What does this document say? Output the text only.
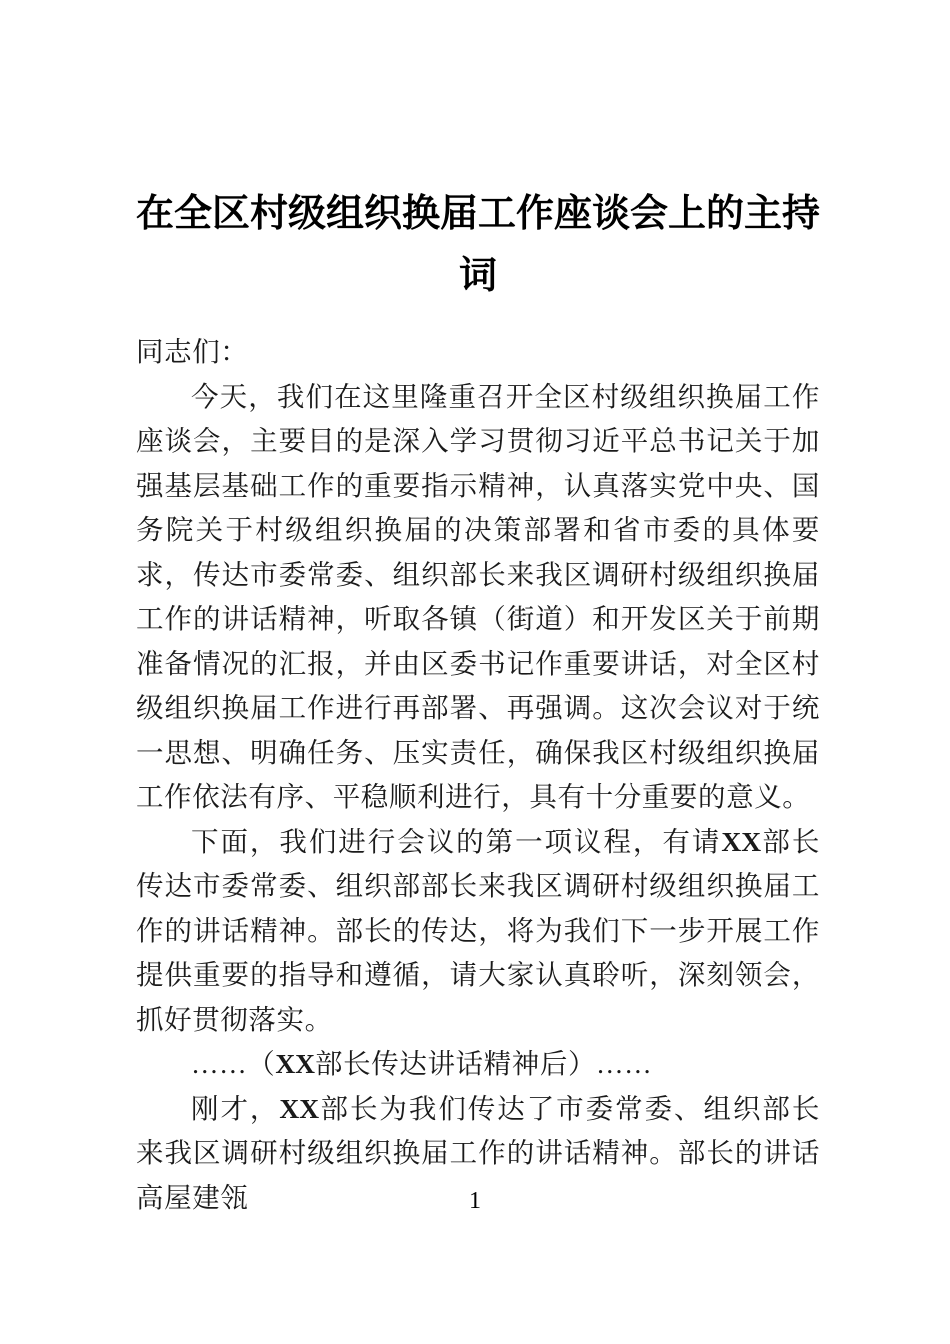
在全区村级组织换届工作座谈会上的主持词

同志们：

今天，我们在这里隆重召开全区村级组织换届工作座谈会，主要目的是深入学习贯彻习近平总书记关于加强基层基础工作的重要指示精神，认真落实党中央、国务院关于村级组织换届的决策部署和省市委的具体要求，传达市委常委、组织部长来我区调研村级组织换届工作的讲话精神，听取各镇（街道）和开发区关于前期准备情况的汇报，并由区委书记作重要讲话，对全区村级组织换届工作进行再部署、再强调。这次会议对于统一思想、明确任务、压实责任，确保我区村级组织换届工作依法有序、平稳顺利进行，具有十分重要的意义。

下面，我们进行会议的第一项议程，有请XX部长传达市委常委、组织部部长来我区调研村级组织换届工作的讲话精神。部长的传达，将为我们下一步开展工作提供重要的指导和遵循，请大家认真聆听，深刻领会，抓好贯彻落实。

……（XX部长传达讲话精神后）……

刚才，XX部长为我们传达了市委常委、组织部长来我区调研村级组织换届工作的讲话精神。部长的讲话高屋建瓴	1
